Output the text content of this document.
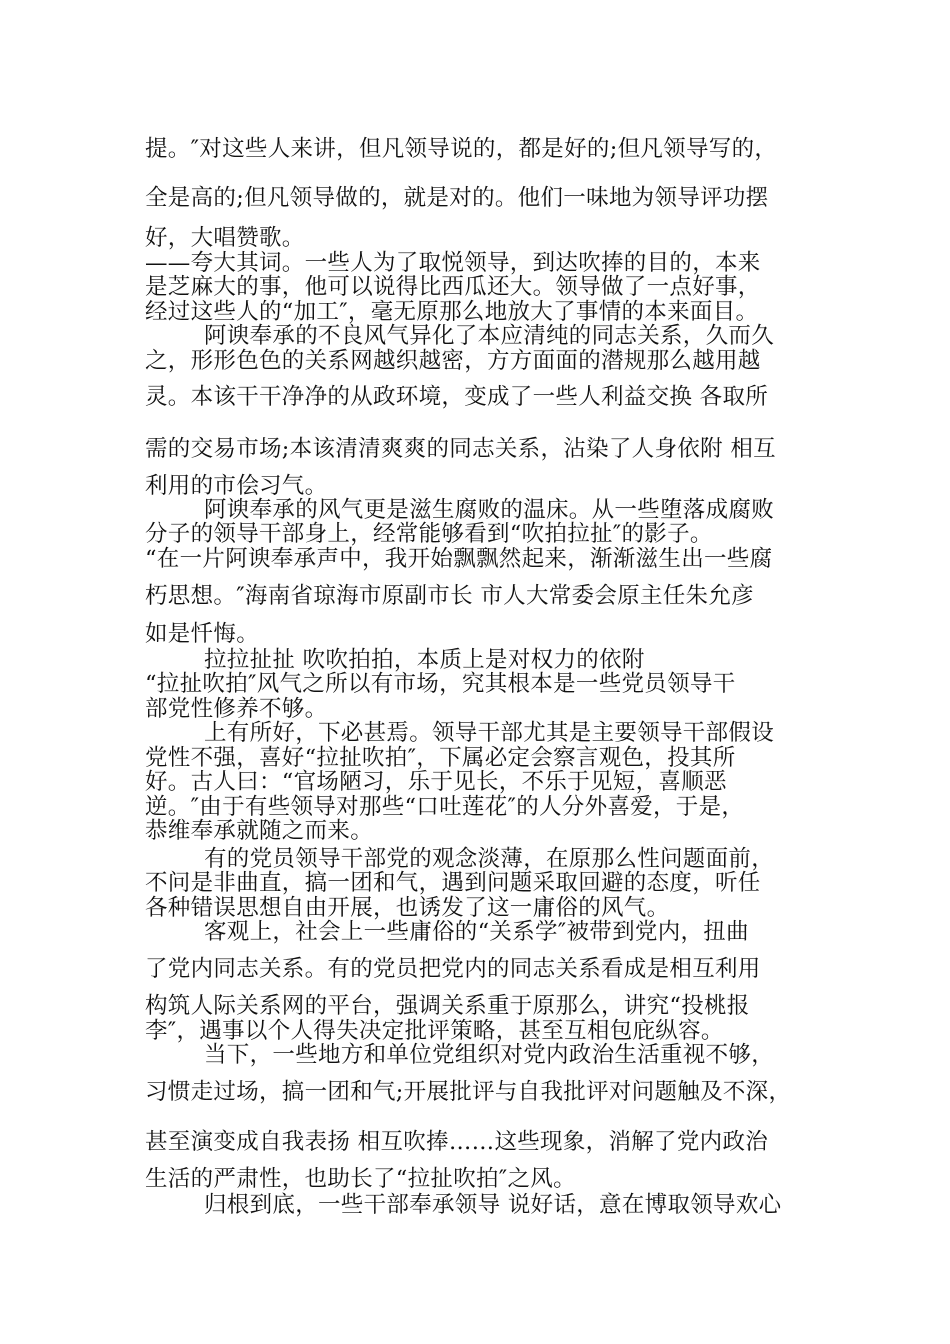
提。″对这些人来讲，但凡领导说的，都是好的;但凡领导写的，
全是高的;但凡领导做的，就是对的。他们一味地为领导评功摆
好，大唱赞歌。
——夸大其词。一些人为了取悦领导，到达吹捧的目的，本来
是芝麻大的事，他可以说得比西瓜还大。领导做了一点好事，
经过这些人的“加工″，毫无原那么地放大了事情的本来面目。
阿谀奉承的不良风气异化了本应清纯的同志关系，久而久
之，形形色色的关系网越织越密，方方面面的潜规那么越用越
灵。本该干干净净的从政环境，变成了一些人利益交换 各取所
需的交易市场;本该清清爽爽的同志关系，沾染了人身依附 相互
利用的市侩习气。
阿谀奉承的风气更是滋生腐败的温床。从一些堕落成腐败
分子的领导干部身上，经常能够看到“吹拍拉扯″的影子。
“在一片阿谀奉承声中，我开始飘飘然起来，渐渐滋生出一些腐
朽思想。″海南省琼海市原副市长 市人大常委会原主任朱允彦
如是忏悔。
拉拉扯扯 吹吹拍拍，本质上是对权力的依附
“拉扯吹拍″风气之所以有市场，究其根本是一些党员领导干
部党性修养不够。
上有所好，下必甚焉。领导干部尤其是主要领导干部假设
党性不强，喜好“拉扯吹拍″，下属必定会察言观色，投其所
好。古人曰：“官场陋习，乐于见长，不乐于见短，喜顺恶
逆。″由于有些领导对那些“口吐莲花″的人分外喜爱，于是，
恭维奉承就随之而来。
有的党员领导干部党的观念淡薄，在原那么性问题面前，
不问是非曲直，搞一团和气，遇到问题采取回避的态度，听任
各种错误思想自由开展，也诱发了这一庸俗的风气。
客观上，社会上一些庸俗的“关系学″被带到党内，扭曲
了党内同志关系。有的党员把党内的同志关系看成是相互利用
构筑人际关系网的平台，强调关系重于原那么，讲究“投桃报
李″，遇事以个人得失决定批评策略，甚至互相包庇纵容。
当下，一些地方和单位党组织对党内政治生活重视不够，
习惯走过场，搞一团和气;开展批评与自我批评对问题触及不深，
甚至演变成自我表扬 相互吹捧……这些现象，消解了党内政治
生活的严肃性，也助长了“拉扯吹拍″之风。
归根到底，一些干部奉承领导 说好话，意在博取领导欢心
